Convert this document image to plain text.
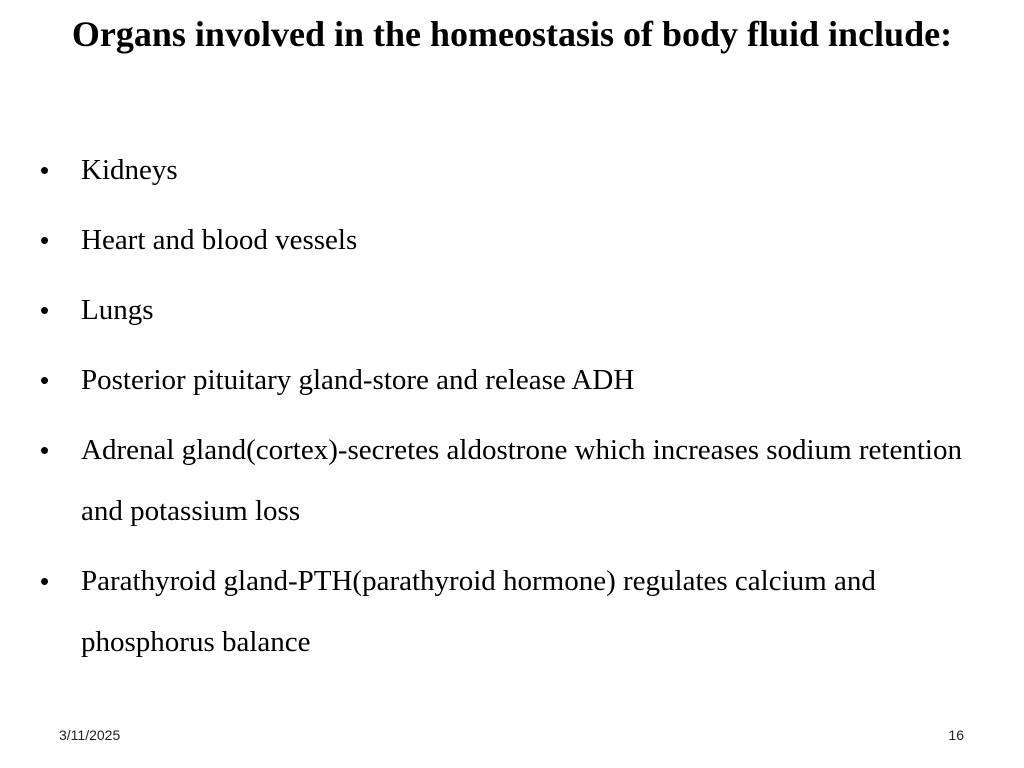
Organs involved in the homeostasis of body fluid include:
• Kidneys
• Heart and blood vessels
• Lungs
• Posterior pituitary gland-store and release ADH
• Adrenal gland(cortex)-secretes aldostrone which increases sodium retention and potassium loss
• Parathyroid gland-PTH(parathyroid hormone) regulates calcium and phosphorus balance
3/11/2025	16
